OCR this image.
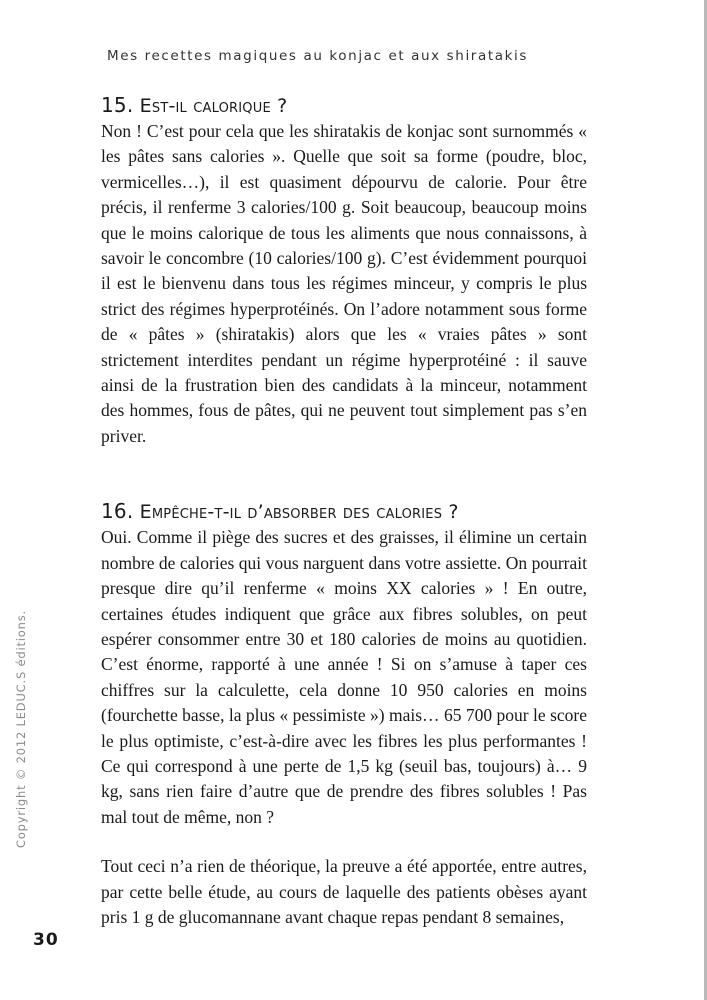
Mes recettes magiques au konjac et aux shiratakis
15. Est-il calorique ?

Non ! C’est pour cela que les shiratakis de konjac sont surnommés « les pâtes sans calories ». Quelle que soit sa forme (poudre, bloc, vermicelles…), il est quasiment dépourvu de calorie. Pour être précis, il renferme 3 calories/100 g. Soit beaucoup, beaucoup moins que le moins calorique de tous les aliments que nous connaissons, à savoir le concombre (10 calories/100 g). C’est évidemment pourquoi il est le bienvenu dans tous les régimes minceur, y compris le plus strict des régimes hyperprotéinés. On l’adore notamment sous forme de « pâtes » (shiratakis) alors que les « vraies pâtes » sont strictement interdites pendant un régime hyperprotéiné : il sauve ainsi de la frustration bien des candidats à la minceur, notamment des hommes, fous de pâtes, qui ne peuvent tout simplement pas s’en priver.

16. Empêche-t-il d’absorber des calories ?

Oui. Comme il piège des sucres et des graisses, il élimine un certain nombre de calories qui vous narguent dans votre assiette. On pourrait presque dire qu’il renferme « moins XX calories » ! En outre, certaines études indiquent que grâce aux fibres solubles, on peut espérer consommer entre 30 et 180 calories de moins au quotidien. C’est énorme, rapporté à une année ! Si on s’amuse à taper ces chiffres sur la calculette, cela donne 10 950 calories en moins (fourchette basse, la plus « pessimiste ») mais… 65 700 pour le score le plus optimiste, c’est-à-dire avec les fibres les plus performantes ! Ce qui correspond à une perte de 1,5 kg (seuil bas, toujours) à… 9 kg, sans rien faire d’autre que de prendre des fibres solubles ! Pas mal tout de même, non ?

Tout ceci n’a rien de théorique, la preuve a été apportée, entre autres, par cette belle étude, au cours de laquelle des patients obèses ayant pris 1 g de glucomannane avant chaque repas pendant 8 semaines,

Copyright © 2012 LEDUC.S éditions.
30
